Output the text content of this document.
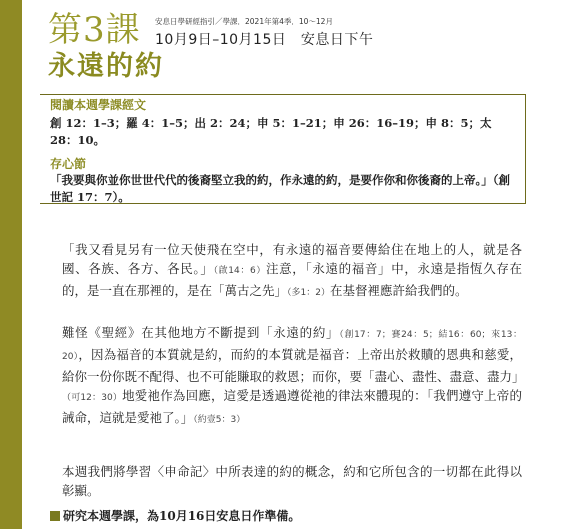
第3課
永遠的約
安息日學研經指引／學課．2021年第4季．10～12月
10月9日–10月15日　安息日下午
閱讀本週學課經文
創 12：1–3；羅 4：1–5；出 2：24；申 5：1–21；申 26：16–19；申 8：5；太 28：10。
存心節
「我要與你並你世世代代的後裔堅立我的約，作永遠的約，是要作你和你後裔的上帝。」（創世記 17：7）。
「我又看見另有一位天使飛在空中，有永遠的福音要傳給住在地上的人，就是各國、各族、各方、各民。」（啟14：6）注意，「永遠的福音」中，永遠是指恆久存在的，是一直在那裡的，是在「萬古之先」（多1：2）在基督裡應許給我們的。
難怪《聖經》在其他地方不斷提到「永遠的約」（創17：7；賽24：5；結16：60；來13：20），因為福音的本質就是約，而約的本質就是福音：上帝出於救贖的恩典和慈愛，給你一份你既不配得、也不可能賺取的救恩；而你，要「盡心、盡性、盡意、盡力」（可12：30）地愛祂作為回應，這愛是透過遵從祂的律法來體現的：「我們遵守上帝的誡命，這就是愛祂了。」（約壹5：3）
本週我們將學習〈申命記〉中所表達的約的概念，約和它所包含的一切都在此得以彰顯。
研究本週學課，為10月16日安息日作準備。
